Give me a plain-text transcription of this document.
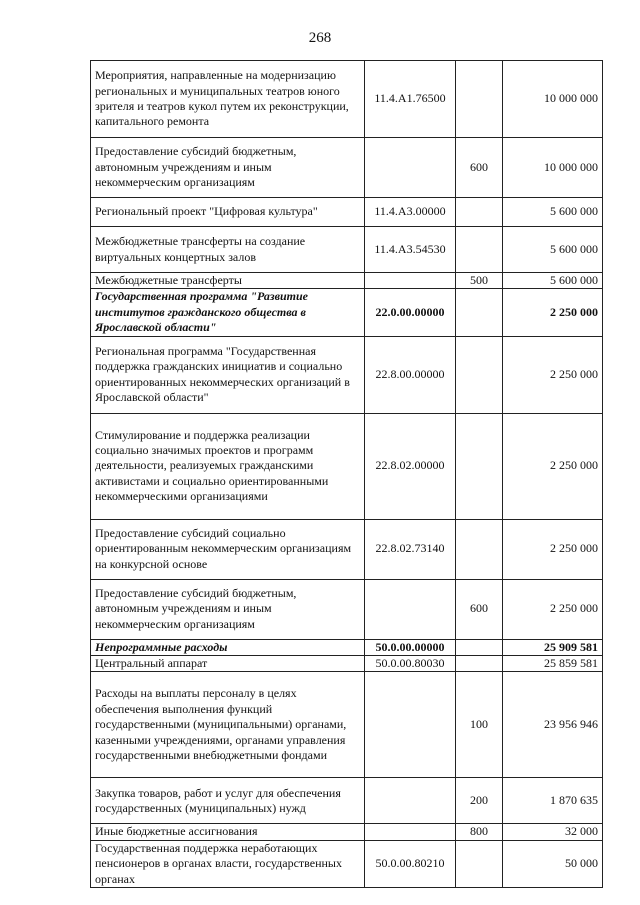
268
Мероприятия, направленные на модернизацию региональных и муниципальных театров юного зрителя и театров кукол путем их реконструкции, капитального ремонта	11.4.A1.76500		10 000 000
Предоставление субсидий бюджетным, автономным учреждениям и иным некоммерческим организациям		600	10 000 000
Региональный проект "Цифровая культура"	11.4.A3.00000		5 600 000
Межбюджетные трансферты на создание виртуальных концертных залов	11.4.A3.54530		5 600 000
Межбюджетные трансферты		500	5 600 000
Государственная программа "Развитие институтов гражданского общества в Ярославской области"	22.0.00.00000		2 250 000
Региональная программа "Государственная поддержка гражданских инициатив и социально ориентированных некоммерческих организаций в Ярославской области"	22.8.00.00000		2 250 000
Стимулирование и поддержка реализации социально значимых проектов и программ деятельности, реализуемых гражданскими активистами и социально ориентированными некоммерческими организациями	22.8.02.00000		2 250 000
Предоставление субсидий социально ориентированным некоммерческим организациям на конкурсной основе	22.8.02.73140		2 250 000
Предоставление субсидий бюджетным, автономным учреждениям и иным некоммерческим организациям		600	2 250 000
Непрограммные расходы	50.0.00.00000		25 909 581
Центральный аппарат	50.0.00.80030		25 859 581
Расходы на выплаты персоналу в целях обеспечения выполнения функций государственными (муниципальными) органами, казенными учреждениями, органами управления государственными внебюджетными фондами		100	23 956 946
Закупка товаров, работ и услуг для обеспечения государственных (муниципальных) нужд		200	1 870 635
Иные бюджетные ассигнования		800	32 000
Государственная поддержка неработающих пенсионеров в органах власти, государственных органах	50.0.00.80210		50 000
